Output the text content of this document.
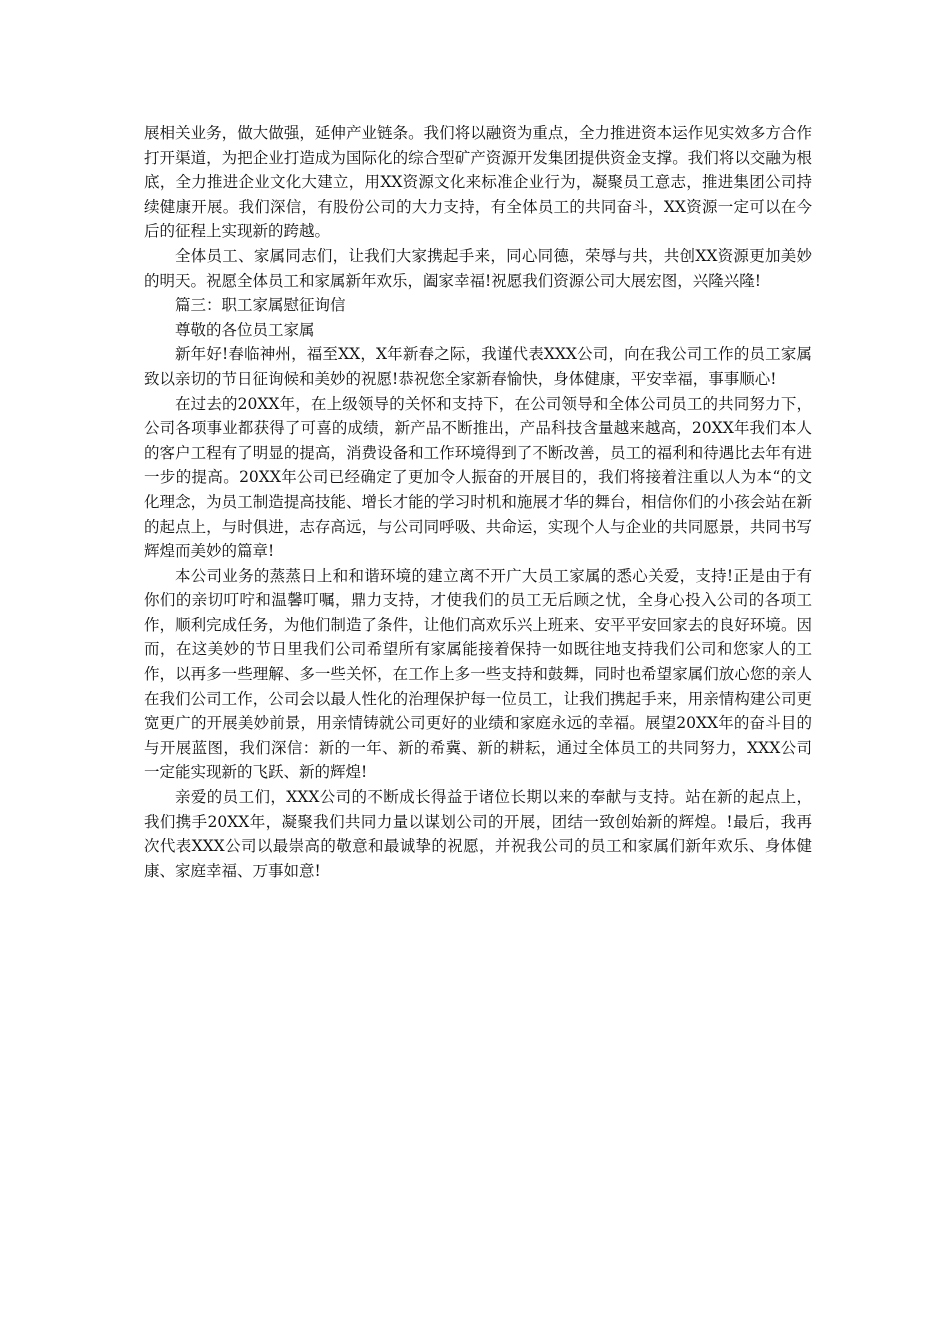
展相关业务，做大做强，延伸产业链条。我们将以融资为重点，全力推进资本运作见实效多方合作打开渠道，为把企业打造成为国际化的综合型矿产资源开发集团提供资金支撑。我们将以交融为根底，全力推进企业文化大建立，用XX资源文化来标准企业行为，凝聚员工意志，推进集团公司持续健康开展。我们深信，有股份公司的大力支持，有全体员工的共同奋斗，XX资源一定可以在今后的征程上实现新的跨越。

全体员工、家属同志们，让我们大家携起手来，同心同德，荣辱与共，共创XX资源更加美妙的明天。祝愿全体员工和家属新年欢乐，阖家幸福!祝愿我们资源公司大展宏图，兴隆兴隆!

篇三：职工家属慰征询信

尊敬的各位员工家属

新年好!春临神州，福至XX，X年新春之际，我谨代表XXX公司，向在我公司工作的员工家属致以亲切的节日征询候和美妙的祝愿!恭祝您全家新春愉快，身体健康，平安幸福，事事顺心!

在过去的20XX年，在上级领导的关怀和支持下，在公司领导和全体公司员工的共同努力下，公司各项事业都获得了可喜的成绩，新产品不断推出，产品科技含量越来越高，20XX年我们本人的客户工程有了明显的提高，消费设备和工作环境得到了不断改善，员工的福利和待遇比去年有进一步的提高。20XX年公司已经确定了更加令人振奋的开展目的，我们将接着注重以人为本“的文化理念，为员工制造提高技能、增长才能的学习时机和施展才华的舞台，相信你们的小孩会站在新的起点上，与时俱进，志存高远，与公司同呼吸、共命运，实现个人与企业的共同愿景，共同书写辉煌而美妙的篇章!

本公司业务的蒸蒸日上和和谐环境的建立离不开广大员工家属的悉心关爱，支持!正是由于有你们的亲切叮咛和温馨叮嘱，鼎力支持，才使我们的员工无后顾之忧，全身心投入公司的各项工作，顺利完成任务，为他们制造了条件，让他们高欢乐兴上班来、安平平安回家去的良好环境。因而，在这美妙的节日里我们公司希望所有家属能接着保持一如既往地支持我们公司和您家人的工作，以再多一些理解、多一些关怀，在工作上多一些支持和鼓舞，同时也希望家属们放心您的亲人在我们公司工作，公司会以最人性化的治理保护每一位员工，让我们携起手来，用亲情构建公司更宽更广的开展美妙前景，用亲情铸就公司更好的业绩和家庭永远的幸福。展望20XX年的奋斗目的与开展蓝图，我们深信：新的一年、新的希冀、新的耕耘，通过全体员工的共同努力，XXX公司一定能实现新的飞跃、新的辉煌!

亲爱的员工们，XXX公司的不断成长得益于诸位长期以来的奉献与支持。站在新的起点上，我们携手20XX年，凝聚我们共同力量以谋划公司的开展，团结一致创始新的辉煌。!最后，我再次代表XXX公司以最崇高的敬意和最诚挚的祝愿，并祝我公司的员工和家属们新年欢乐、身体健康、家庭幸福、万事如意!
